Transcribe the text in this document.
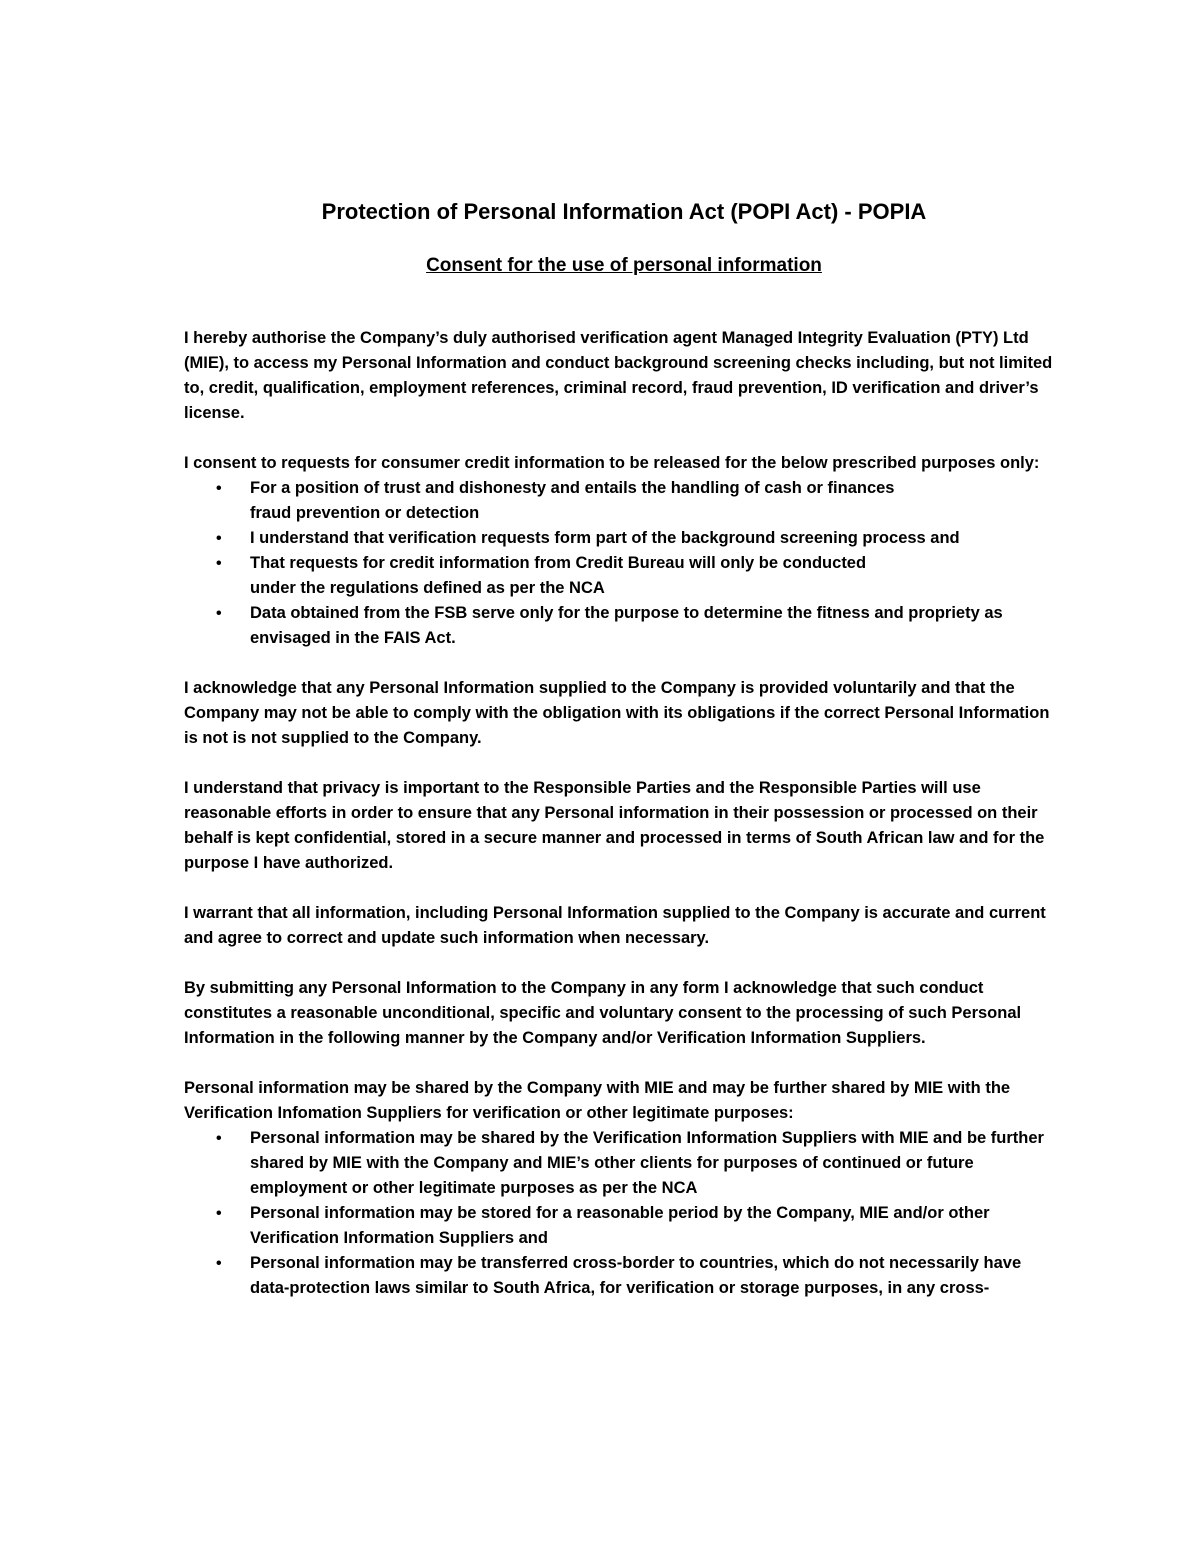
Protection of Personal Information Act (POPI Act) - POPIA
Consent for the use of personal information

I hereby authorise the Company’s duly authorised verification agent Managed Integrity Evaluation (PTY) Ltd (MIE), to access my Personal Information and conduct background screening checks including, but not limited to, credit, qualification, employment references, criminal record, fraud prevention, ID verification and driver’s license.

I consent to requests for consumer credit information to be released for the below prescribed purposes only:

• For a position of trust and dishonesty and entails the handling of cash or finances
fraud prevention or detection
• I understand that verification requests form part of the background screening process and
• That requests for credit information from Credit Bureau will only be conducted
under the regulations defined as per the NCA
• Data obtained from the FSB serve only for the purpose to determine the fitness and propriety as
envisaged in the FAIS Act.

I acknowledge that any Personal Information supplied to the Company is provided voluntarily and that the Company may not be able to comply with the obligation with its obligations if the correct Personal Information is not is not supplied to the Company.

I understand that privacy is important to the Responsible Parties and the Responsible Parties will use reasonable efforts in order to ensure that any Personal information in their possession or processed on their behalf is kept confidential, stored in a secure manner and processed in terms of South African law and for the purpose I have authorized.

I warrant that all information, including Personal Information supplied to the Company is accurate and current and agree to correct and update such information when necessary.

By submitting any Personal Information to the Company in any form I acknowledge that such conduct constitutes a reasonable unconditional, specific and voluntary consent to the processing of such Personal Information in the following manner by the Company and/or Verification Information Suppliers.

Personal information may be shared by the Company with MIE and may be further shared by MIE with the Verification Infomation Suppliers for verification or other legitimate purposes:

• Personal information may be shared by the Verification Information Suppliers with MIE and be further shared by MIE with the Company and MIE’s other clients for purposes of continued or future employment or other legitimate purposes as per the NCA
• Personal information may be stored for a reasonable period by the Company, MIE and/or other Verification Information Suppliers and
• Personal information may be transferred cross-border to countries, which do not necessarily have data-protection laws similar to South Africa, for verification or storage purposes, in any cross-
